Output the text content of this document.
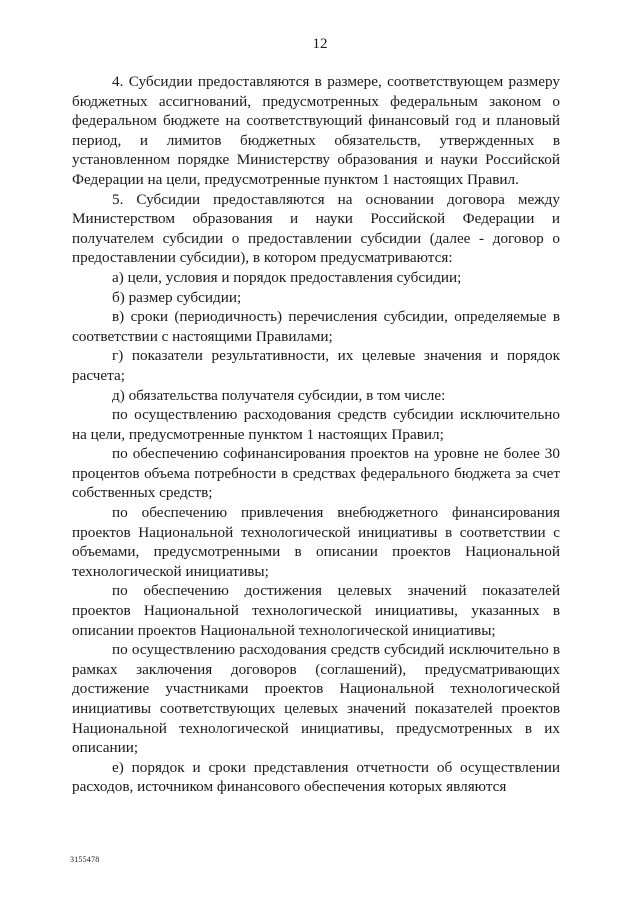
12

4. Субсидии предоставляются в размере, соответствующем размеру бюджетных ассигнований, предусмотренных федеральным законом о федеральном бюджете на соответствующий финансовый год и плановый период, и лимитов бюджетных обязательств, утвержденных в установленном порядке Министерству образования и науки Российской Федерации на цели, предусмотренные пунктом 1 настоящих Правил.

5. Субсидии предоставляются на основании договора между Министерством образования и науки Российской Федерации и получателем субсидии о предоставлении субсидии (далее - договор о предоставлении субсидии), в котором предусматриваются:

а) цели, условия и порядок предоставления субсидии;

б) размер субсидии;

в) сроки (периодичность) перечисления субсидии, определяемые в соответствии с настоящими Правилами;

г) показатели результативности, их целевые значения и порядок расчета;

д) обязательства получателя субсидии, в том числе:

по осуществлению расходования средств субсидии исключительно на цели, предусмотренные пунктом 1 настоящих Правил;

по обеспечению софинансирования проектов на уровне не более 30 процентов объема потребности в средствах федерального бюджета за счет собственных средств;

по обеспечению привлечения внебюджетного финансирования проектов Национальной технологической инициативы в соответствии с объемами, предусмотренными в описании проектов Национальной технологической инициативы;

по обеспечению достижения целевых значений показателей проектов Национальной технологической инициативы, указанных в описании проектов Национальной технологической инициативы;

по осуществлению расходования средств субсидий исключительно в рамках заключения договоров (соглашений), предусматривающих достижение участниками проектов Национальной технологической инициативы соответствующих целевых значений показателей проектов Национальной технологической инициативы, предусмотренных в их описании;

е) порядок и сроки представления отчетности об осуществлении расходов, источником финансового обеспечения которых являются

3155478
